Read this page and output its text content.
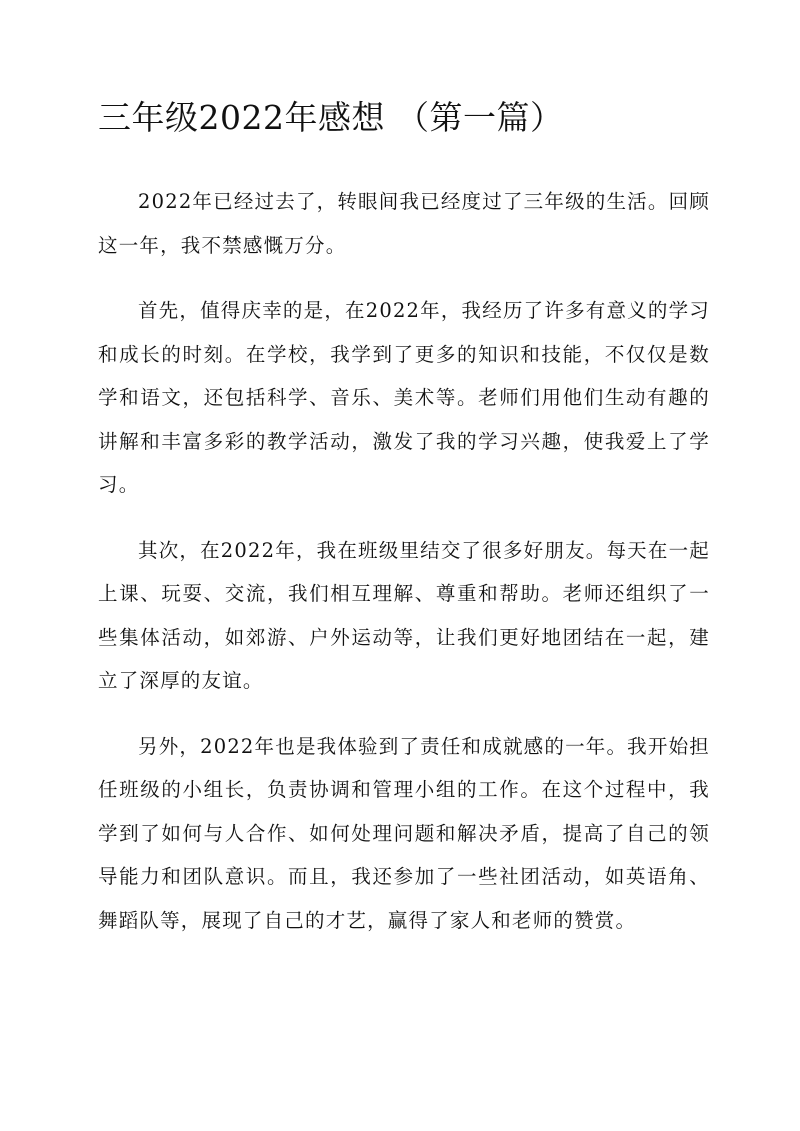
三年级2022年感想 （第一篇）

2022年已经过去了，转眼间我已经度过了三年级的生活。回顾这一年，我不禁感慨万分。

首先，值得庆幸的是，在2022年，我经历了许多有意义的学习和成长的时刻。在学校，我学到了更多的知识和技能，不仅仅是数学和语文，还包括科学、音乐、美术等。老师们用他们生动有趣的讲解和丰富多彩的教学活动，激发了我的学习兴趣，使我爱上了学习。

其次，在2022年，我在班级里结交了很多好朋友。每天在一起上课、玩耍、交流，我们相互理解、尊重和帮助。老师还组织了一些集体活动，如郊游、户外运动等，让我们更好地团结在一起，建立了深厚的友谊。

另外，2022年也是我体验到了责任和成就感的一年。我开始担任班级的小组长，负责协调和管理小组的工作。在这个过程中，我学到了如何与人合作、如何处理问题和解决矛盾，提高了自己的领导能力和团队意识。而且，我还参加了一些社团活动，如英语角、舞蹈队等，展现了自己的才艺，赢得了家人和老师的赞赏。
